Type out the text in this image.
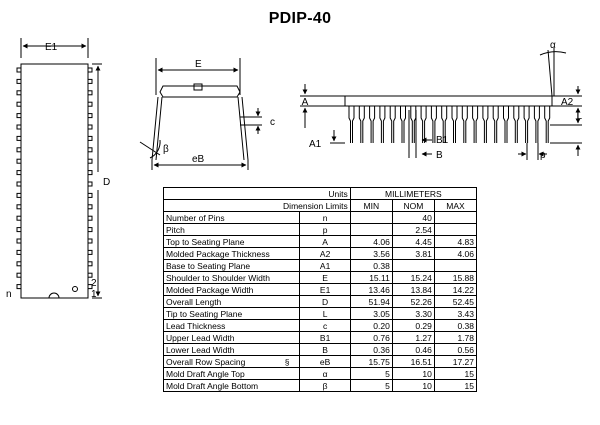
PDIP-40
E1
D
n
2
1
E
c
β
eB
α
A
A1
A2
L
B1
B	p
Units		MILLIMETERS		
Dimension Limits		MIN	NOM	MAX
Number of Pins	n		40	
Pitch	p		2.54	
Top to Seating Plane	A	4.06	4.45	4.83
Molded Package Thickness	A2	3.56	3.81	4.06
Base to Seating Plane	A1	0.38		
Shoulder to Shoulder Width	E	15.11	15.24	15.88
Molded Package Width	E1	13.46	13.84	14.22
Overall Length	D	51.94	52.26	52.45
Tip to Seating Plane	L	3.05	3.30	3.43
Lead Thickness	c	0.20	0.29	0.38
Upper Lead Width	B1	0.76	1.27	1.78
Lower Lead Width	B	0.36	0.46	0.56
Overall Row Spacing §	eB	15.75	16.51	17.27
Mold Draft Angle Top	α	5	10	15
Mold Draft Angle Bottom	β	5	10	15
